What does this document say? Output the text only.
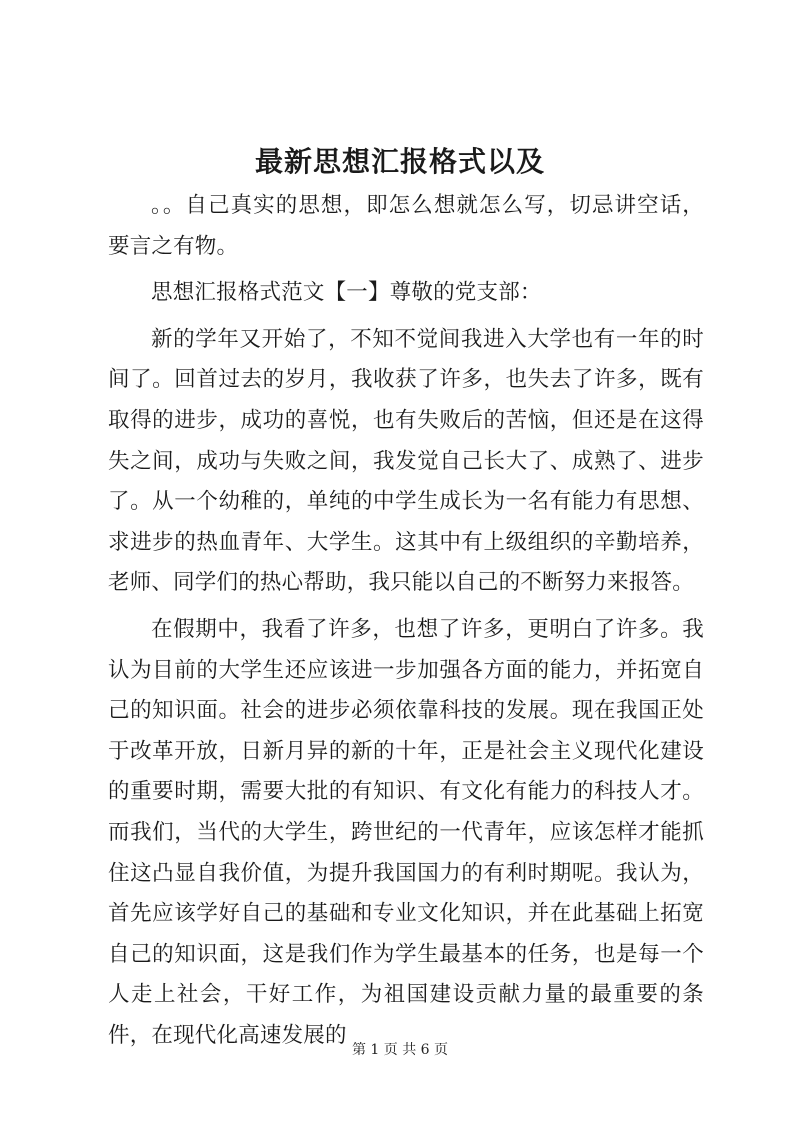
最新思想汇报格式以及

。。自己真实的思想，即怎么想就怎么写，切忌讲空话，要言之有物。

思想汇报格式范文【一】尊敬的党支部：

新的学年又开始了，不知不觉间我进入大学也有一年的时间了。回首过去的岁月，我收获了许多，也失去了许多，既有取得的进步，成功的喜悦，也有失败后的苦恼，但还是在这得失之间，成功与失败之间，我发觉自己长大了、成熟了、进步了。从一个幼稚的，单纯的中学生成长为一名有能力有思想、求进步的热血青年、大学生。这其中有上级组织的辛勤培养，老师、同学们的热心帮助，我只能以自己的不断努力来报答。

在假期中，我看了许多，也想了许多，更明白了许多。我认为目前的大学生还应该进一步加强各方面的能力，并拓宽自己的知识面。社会的进步必须依靠科技的发展。现在我国正处于改革开放，日新月异的新的十年，正是社会主义现代化建设的重要时期，需要大批的有知识、有文化有能力的科技人才。而我们，当代的大学生，跨世纪的一代青年，应该怎样才能抓住这凸显自我价值，为提升我国国力的有利时期呢。我认为，首先应该学好自己的基础和专业文化知识，并在此基础上拓宽自己的知识面，这是我们作为学生最基本的任务，也是每一个人走上社会，干好工作，为祖国建设贡献力量的最重要的条件，在现代化高速发展的

第 1 页 共 6 页
